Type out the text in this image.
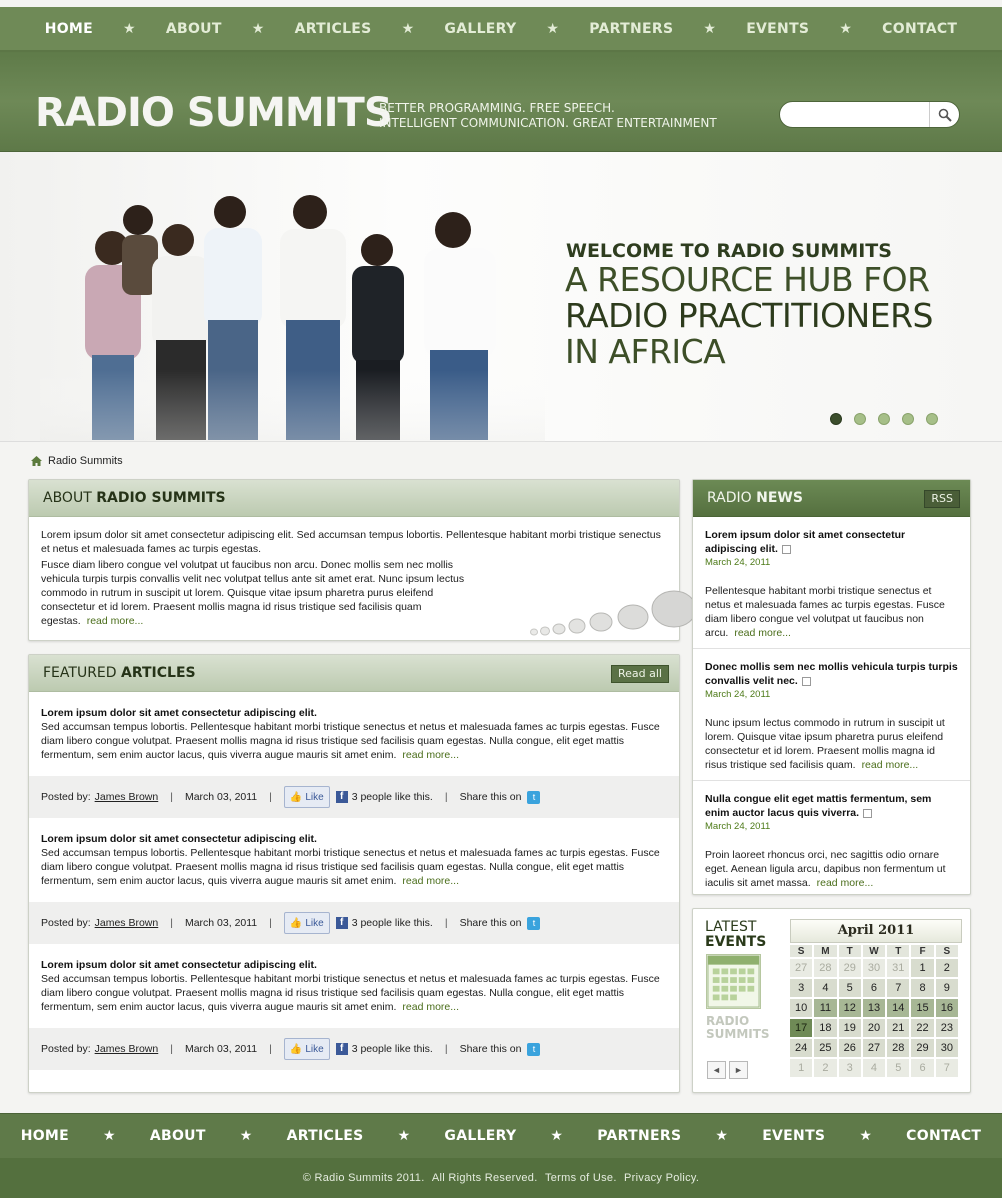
HOME ★ ABOUT ★ ARTICLES ★ GALLERY ★ PARTNERS ★ EVENTS ★ CONTACT
RADIO SUMMITS
BETTER PROGRAMMING. FREE SPEECH.
INTELLIGENT COMMUNICATION. GREAT ENTERTAINMENT
WELCOME TO RADIO SUMMITS
A RESOURCE HUB FOR
RADIO PRACTITIONERS
IN AFRICA
Radio Summits
ABOUT RADIO SUMMITS
Lorem ipsum dolor sit amet consectetur adipiscing elit. Sed accumsan tempus lobortis. Pellentesque habitant morbi tristique senectus et netus et malesuada fames ac turpis egestas.
Fusce diam libero congue vel volutpat ut faucibus non arcu. Donec mollis sem nec mollis vehicula turpis turpis convallis velit nec volutpat tellus ante sit amet erat. Nunc ipsum lectus commodo in rutrum in suscipit ut lorem. Quisque vitae ipsum pharetra purus eleifend consectetur et id lorem. Praesent mollis magna id risus tristique sed facilisis quam egestas. read more...
FEATURED ARTICLES	Read all
Lorem ipsum dolor sit amet consectetur adipiscing elit.
Sed accumsan tempus lobortis. Pellentesque habitant morbi tristique senectus et netus et malesuada fames ac turpis egestas. Fusce diam libero congue volutpat. Praesent mollis magna id risus tristique sed facilisis quam egestas. Nulla congue, elit eget mattis fermentum, sem enim auctor lacus, quis viverra augue mauris sit amet enim. read more...
Posted by: James Brown | March 03, 2011 | 👍 Like	f 3 people like this. | Share this on	t
Lorem ipsum dolor sit amet consectetur adipiscing elit.
Sed accumsan tempus lobortis. Pellentesque habitant morbi tristique senectus et netus et malesuada fames ac turpis egestas. Fusce diam libero congue volutpat. Praesent mollis magna id risus tristique sed facilisis quam egestas. Nulla congue, elit eget mattis fermentum, sem enim auctor lacus, quis viverra augue mauris sit amet enim. read more...
Posted by: James Brown | March 03, 2011 | 👍 Like	f 3 people like this. | Share this on	t
Lorem ipsum dolor sit amet consectetur adipiscing elit.
Sed accumsan tempus lobortis. Pellentesque habitant morbi tristique senectus et netus et malesuada fames ac turpis egestas. Fusce diam libero congue volutpat. Praesent mollis magna id risus tristique sed facilisis quam egestas. Nulla congue, elit eget mattis fermentum, sem enim auctor lacus, quis viverra augue mauris sit amet enim. read more...
Posted by: James Brown | March 03, 2011 | 👍 Like	f 3 people like this. | Share this on	t
RADIO NEWS	RSS
Lorem ipsum dolor sit amet consectetur adipiscing elit.
March 24, 2011
Pellentesque habitant morbi tristique senectus et netus et malesuada fames ac turpis egestas. Fusce diam libero congue vel volutpat ut faucibus non arcu. read more...
Donec mollis sem nec mollis vehicula turpis turpis convallis velit nec.
March 24, 2011
Nunc ipsum lectus commodo in rutrum in suscipit ut lorem. Quisque vitae ipsum pharetra purus eleifend consectetur et id lorem. Praesent mollis magna id risus tristique sed facilisis quam. read more...
Nulla congue elit eget mattis fermentum, sem enim auctor lacus quis viverra.
March 24, 2011
Proin laoreet rhoncus orci, nec sagittis odio ornare eget. Aenean ligula arcu, dapibus non fermentum ut iaculis sit amet massa. read more...
LATEST
EVENTS
RADIO
SUMMITS
◄	►
April 2011
S	M	T	W	T	F	S
27	28	29	30	31	1	2
3	4	5	6	7	8	9
10	11	12	13	14	15	16
17	18	19	20	21	22	23
24	25	26	27	28	29	30
1	2	3	4	5	6	7
HOME ★ ABOUT ★ ARTICLES ★ GALLERY ★ PARTNERS ★ EVENTS ★ CONTACT
© Radio Summits 2011. All Rights Reserved. Terms of Use. Privacy Policy.
